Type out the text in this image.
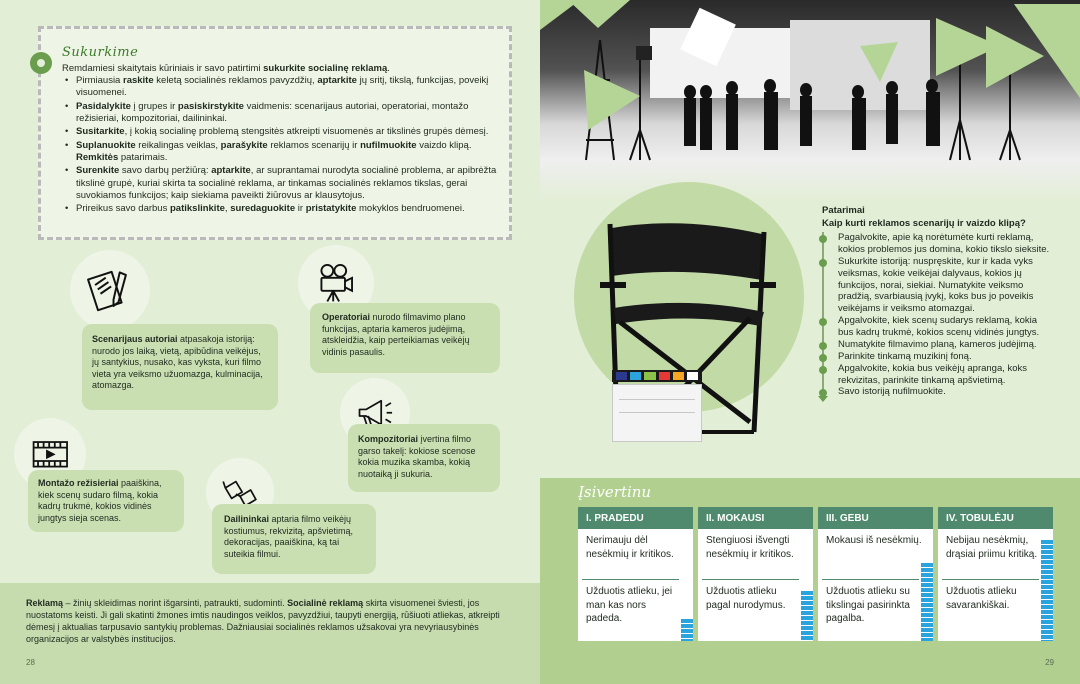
Sukurkime
Remdamiesi skaitytais kūriniais ir savo patirtimi sukurkite socialinę reklamą.
• Pirmiausia raskite keletą socialinės reklamos pavyzdžių, aptarkite jų sritį, tikslą, funkcijas, poveikį visuomenei.
• Pasidalykite į grupes ir pasiskirstykite vaidmenis: scenarijaus autoriai, operatoriai, montažo režisieriai, kompozitoriai, dailininkai.
• Susitarkite, į kokią socialinę problemą stengsitės atkreipti visuomenės ar tikslinės grupės dėmesį.
• Suplanuokite reikalingas veiklas, parašykite reklamos scenarijų ir nufilmuokite vaizdo klipą. Remkitės patarimais.
• Surenkite savo darbų peržiūrą: aptarkite, ar suprantamai nurodyta socialinė problema, ar apibrėžta tikslinė grupė, kuriai skirta ta socialinė reklama, ar tinkamas socialinės reklamos tikslas, gerai suvokiamos funkcijos; kaip siekiama paveikti žiūrovus ar klausytojus.
• Prireikus savo darbus patikslinkite, suredaguokite ir pristatykite mokyklos bendruomenei.
Scenarijaus autoriai atpasakoja istoriją: nurodo jos laiką, vietą, apibūdina veikėjus, jų santykius, nusako, kas vyksta, kuri filmo vieta yra veiksmo užuomazga, kulminacija, atomazga.
Operatoriai nurodo filmavimo plano funkcijas, aptaria kameros judėjimą, atskleidžia, kaip perteikiamas veikėjų vidinis pasaulis.
Kompozitoriai įvertina filmo garso takelį: kokiose scenose kokia muzika skamba, kokią nuotaiką ji sukuria.
Montažo režisieriai paaiškina, kiek scenų sudaro filmą, kokia kadrų trukmė, kokios vidinės jungtys sieja scenas.	Dailininkai aptaria filmo veikėjų kostiumus, rekvizitą, apšvietimą, dekoracijas, paaiškina, ką tai suteikia filmui.

Reklamą – žinių skleidimas norint išgarsinti, patraukti, sudominti. Socialinė reklamą skirta visuomenei šviesti, jos nuostatoms keisti. Ji gali skatinti žmones imtis naudingos veiklos, pavyzdžiui, taupyti energiją, rūšiuoti atliekas, atkreipti dėmesį į aktualias tarpusavio santykių problemas. Dažniausiai socialinės reklamos užsakovai yra nevyriausybinės organizacijos ar valstybės institucijos.

28
Patarimai
Kaip kurti reklamos scenarijų ir vaizdo klipą?
Pagalvokite, apie ką norėtumėte kurti reklamą, kokios problemos jus domina, kokio tikslo sieksite.
Sukurkite istoriją: nuspręskite, kur ir kada vyks veiksmas, kokie veikėjai dalyvaus, kokios jų funkcijos, norai, siekiai. Numatykite veiksmo pradžią, svarbiausią įvykį, koks bus jo poveikis veikėjams ir veiksmo atomazgai.
Apgalvokite, kiek scenų sudarys reklamą, kokia bus kadrų trukmė, kokios scenų vidinės jungtys.
Numatykite filmavimo planą, kameros judėjimą.
Parinkite tinkamą muzikinį foną.
Apgalvokite, kokia bus veikėjų apranga, koks rekvizitas, parinkite tinkamą apšvietimą.
Savo istoriją nufilmuokite.
Įsivertinu
I. PRADEDU
Nerimauju dėl nesėkmių ir kritikos.
Užduotis atlieku, jei man kas nors padeda.
II. MOKAUSI
Stengiuosi išvengti nesėkmių ir kritikos.
Užduotis atlieku pagal nurodymus.
III. GEBU
Mokausi iš nesėkmių.
Užduotis atlieku su tikslingai pasirinkta pagalba.
IV. TOBULĖJU
Nebijau nesėkmių, drąsiai priimu kritiką.
Užduotis atlieku savarankiškai.
29
